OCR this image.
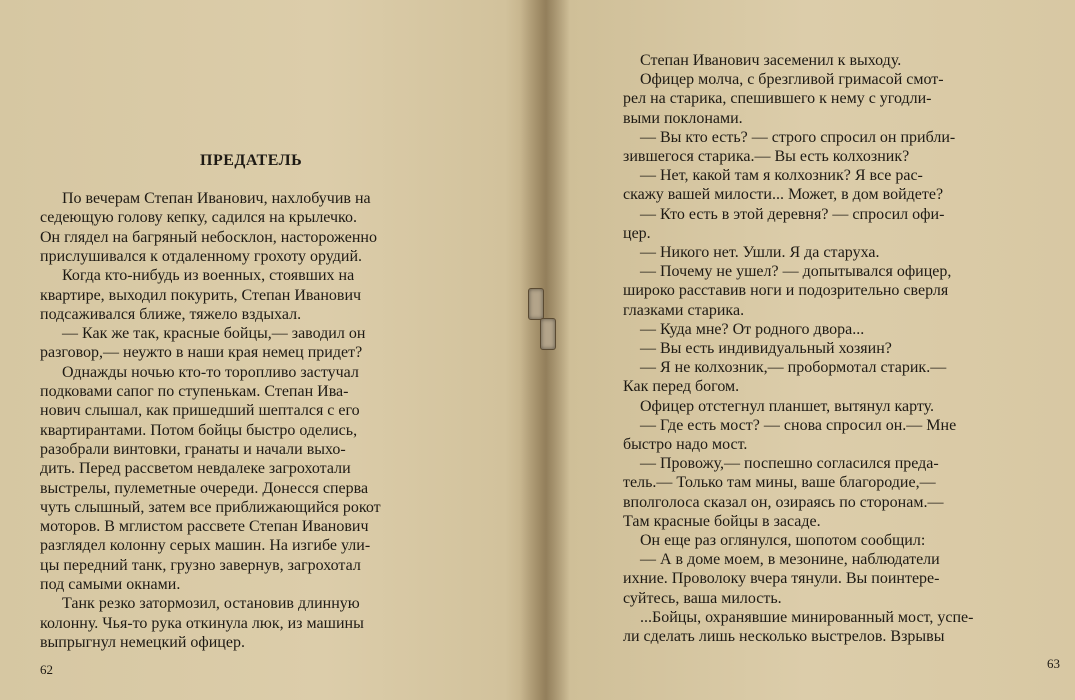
ПРЕДАТЕЛЬ
По вечерам Степан Иванович, нахлобучив на
седеющую голову кепку, садился на крылечко.
Он глядел на багряный небосклон, настороженно
прислушивался к отдаленному грохоту орудий.
Когда кто-нибудь из военных, стоявших на
квартире, выходил покурить, Степан Иванович
подсаживался ближе, тяжело вздыхал.
— Как же так, красные бойцы,— заводил он
разговор,— неужто в наши края немец придет?
Однажды ночью кто-то торопливо застучал
подковами сапог по ступенькам. Степан Ива-
нович слышал, как пришедший шептался с его
квартирантами. Потом бойцы быстро оделись,
разобрали винтовки, гранаты и начали выхо-
дить. Перед рассветом невдалеке загрохотали
выстрелы, пулеметные очереди. Донесся сперва
чуть слышный, затем все приближающийся рокот
моторов. В мглистом рассвете Степан Иванович
разглядел колонну серых машин. На изгибе ули-
цы передний танк, грузно завернув, загрохотал
под самыми окнами.
Танк резко затормозил, остановив длинную
колонну. Чья-то рука откинула люк, из машины
выпрыгнул немецкий офицер.
62
Степан Иванович засеменил к выходу.
Офицер молча, с брезгливой гримасой смот-
рел на старика, спешившего к нему с угодли-
выми поклонами.
— Вы кто есть? — строго спросил он прибли-
зившегося старика.— Вы есть колхозник?
— Нет, какой там я колхозник? Я все рас-
скажу вашей милости... Может, в дом войдете?
— Кто есть в этой деревня? — спросил офи-
цер.
— Никого нет. Ушли. Я да старуха.
— Почему не ушел? — допытывался офицер,
широко расставив ноги и подозрительно сверля
глазками старика.
— Куда мне? От родного двора...
— Вы есть индивидуальный хозяин?
— Я не колхозник,— пробормотал старик.—
Как перед богом.
Офицер отстегнул планшет, вытянул карту.
— Где есть мост? — снова спросил он.— Мне
быстро надо мост.
— Провожу,— поспешно согласился преда-
тель.— Только там мины, ваше благородие,—
вполголоса сказал он, озираясь по сторонам.—
Там красные бойцы в засаде.
Он еще раз оглянулся, шопотом сообщил:
— А в доме моем, в мезонине, наблюдатели
ихние. Проволоку вчера тянули. Вы поинтере-
суйтесь, ваша милость.
...Бойцы, охранявшие минированный мост, успе-
ли сделать лишь несколько выстрелов. Взрывы
63
